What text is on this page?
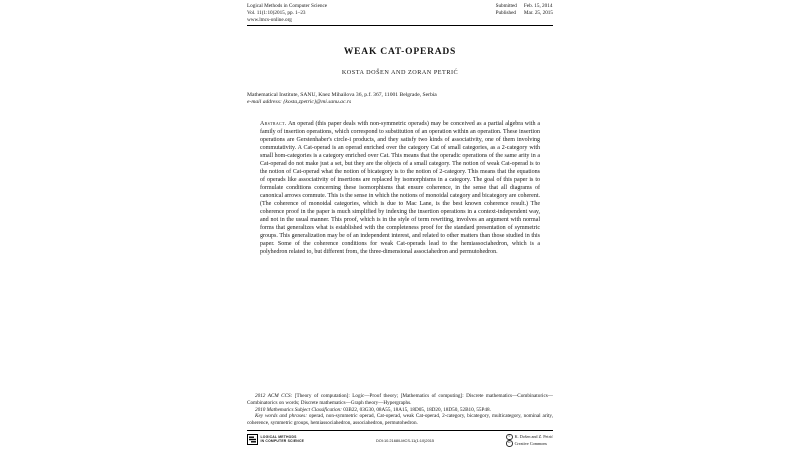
Logical Methods in Computer Science
Vol. 11(1:10)2015, pp. 1–23
www.lmcs-online.org
Submitted Feb. 15, 2014
Published Mar. 25, 2015
WEAK CAT-OPERADS
KOSTA DOŠEN AND ZORAN PETRIĆ
Mathematical Institute, SANU, Knez Mihailova 36, p.f. 367, 11001 Belgrade, Serbia
e-mail address: {kosta,zpetric}@mi.sanu.ac.rs

Abstract. An operad (this paper deals with non-symmetric operads) may be conceived as a partial algebra with a family of insertion operations, which correspond to substitution of an operation within an operation. These insertion operations are Gerstenhaber's circle-i products, and they satisfy two kinds of associativity, one of them involving commutativity. A Cat-operad is an operad enriched over the category Cat of small categories, as a 2-category with small hom-categories is a category enriched over Cat. This means that the operadic operations of the same arity in a Cat-operad do not make just a set, but they are the objects of a small category. The notion of weak Cat-operad is to the notion of Cat-operad what the notion of bicategory is to the notion of 2-category. This means that the equations of operads like associativity of insertions are replaced by isomorphisms in a category. The goal of this paper is to formulate conditions concerning these isomorphisms that ensure coherence, in the sense that all diagrams of canonical arrows commute. This is the sense in which the notions of monoidal category and bicategory are coherent. (The coherence of monoidal categories, which is due to Mac Lane, is the best known coherence result.) The coherence proof in the paper is much simplified by indexing the insertion operations in a context-independent way, and not in the usual manner. This proof, which is in the style of term rewriting, involves an argument with normal forms that generalizes what is established with the completeness proof for the standard presentation of symmetric groups. This generalization may be of an independent interest, and related to other matters than those studied in this paper. Some of the coherence conditions for weak Cat-operads lead to the hemiassociahedron, which is a polyhedron related to, but different from, the three-dimensional associahedron and permutohedron.

2012 ACM CCS: [Theory of computation]: Logic—Proof theory; [Mathematics of computing]: Discrete mathematics—Combinatorics—Combinatorics on words; Discrete mathematics—Graph theory—Hypergraphs.

2010 Mathematics Subject Classification: 03B22, 03G30, 08A55, 18A15, 18D05, 18D20, 18D50, 52B10, 55P48.

Key words and phrases: operad, non-symmetric operad, Cat-operad, weak Cat-operad, 2-category, bicategory, multicategory, nominal arity, coherence, symmetric groups, hemiassociahedron, associahedron, permutohedron.

LOGICAL METHODS
IN COMPUTER SCIENCE	DOI:10.2168/LMCS-11(1:10)2015
©	K. Došen and Z. Petrić
cc Creative Commons
